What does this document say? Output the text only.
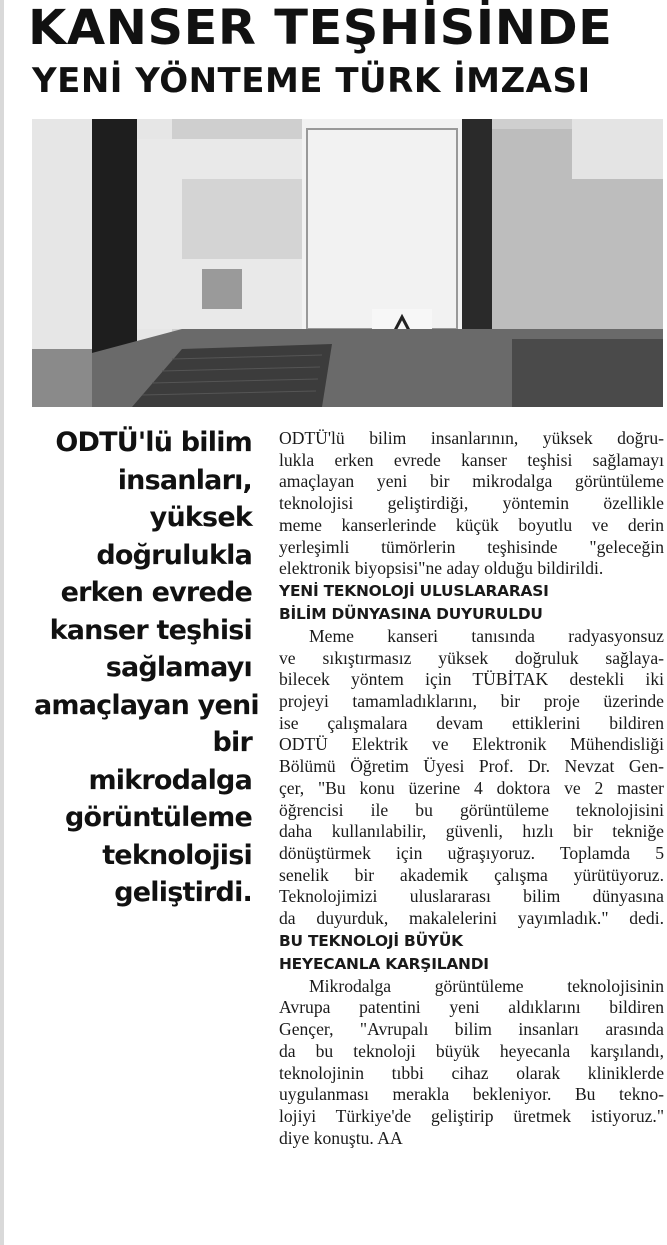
KANSER TEŞHİSİNDE
YENİ YÖNTEME TÜRK İMZASI
ODTÜ'lü bilim
insanları,
yüksek
doğrulukla
erken evrede
kanser teşhisi
sağlamayı
amaçlayan yeni
bir
mikrodalga
görüntüleme
teknolojisi
geliştirdi.
ODTÜ'lü bilim insanlarının, yüksek doğru-
lukla erken evrede kanser teşhisi sağlamayı
amaçlayan yeni bir mikrodalga görüntüleme
teknolojisi geliştirdiği, yöntemin özellikle
meme kanserlerinde küçük boyutlu ve derin
yerleşimli tümörlerin teşhisinde "geleceğin
elektronik biyopsisi"ne aday olduğu bildirildi.
YENİ TEKNOLOJİ ULUSLARARASI
BİLİM DÜNYASINA DUYURULDU
Meme kanseri tanısında radyasyonsuz
ve sıkıştırmasız yüksek doğruluk sağlaya-
bilecek yöntem için TÜBİTAK destekli iki
projeyi tamamladıklarını, bir proje üzerinde
ise çalışmalara devam ettiklerini bildiren
ODTÜ Elektrik ve Elektronik Mühendisliği
Bölümü Öğretim Üyesi Prof. Dr. Nevzat Gen-
çer, "Bu konu üzerine 4 doktora ve 2 master
öğrencisi ile bu görüntüleme teknolojisini
daha kullanılabilir, güvenli, hızlı bir tekniğe
dönüştürmek için uğraşıyoruz. Toplamda 5
senelik bir akademik çalışma yürütüyoruz.
Teknolojimizi uluslararası bilim dünyasına
da duyurduk, makalelerini yayımladık." dedi.
BU TEKNOLOJİ BÜYÜK
HEYECANLA KARŞILANDI
Mikrodalga görüntüleme teknolojisinin
Avrupa patentini yeni aldıklarını bildiren
Gençer, "Avrupalı bilim insanları arasında
da bu teknoloji büyük heyecanla karşılandı,
teknolojinin tıbbi cihaz olarak kliniklerde
uygulanması merakla bekleniyor. Bu tekno-
lojiyi Türkiye'de geliştirip üretmek istiyoruz."
diye konuştu. AA
